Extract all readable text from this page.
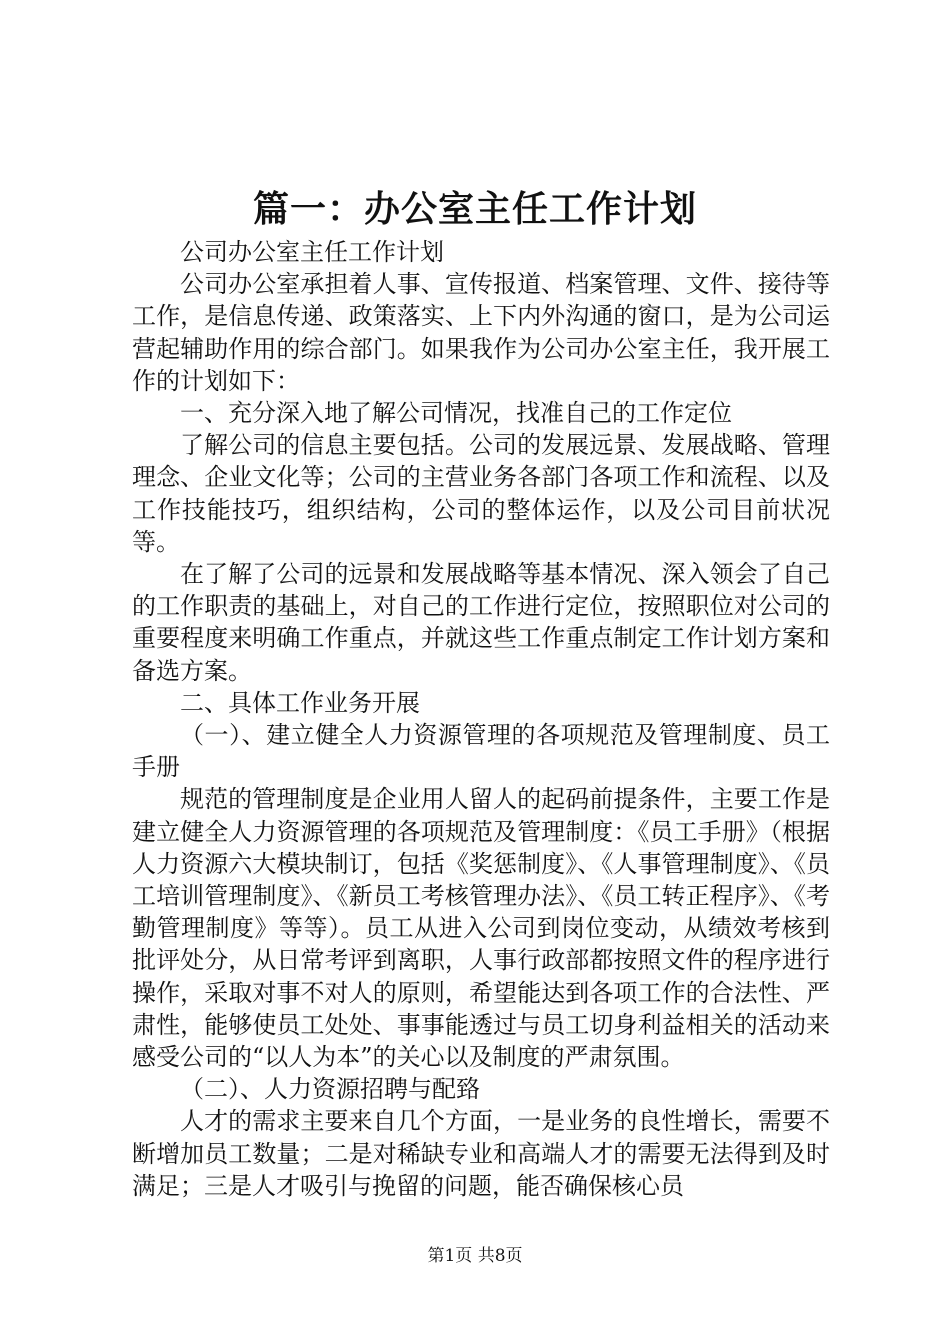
篇一：办公室主任工作计划

公司办公室主任工作计划

公司办公室承担着人事、宣传报道、档案管理、文件、接待等工作，是信息传递、政策落实、上下内外沟通的窗口，是为公司运营起辅助作用的综合部门。如果我作为公司办公室主任，我开展工作的计划如下：

一、充分深入地了解公司情况，找准自己的工作定位

了解公司的信息主要包括。公司的发展远景、发展战略、管理理念、企业文化等；公司的主营业务各部门各项工作和流程、以及工作技能技巧，组织结构，公司的整体运作，以及公司目前状况等。

在了解了公司的远景和发展战略等基本情况、深入领会了自己的工作职责的基础上，对自己的工作进行定位，按照职位对公司的重要程度来明确工作重点，并就这些工作重点制定工作计划方案和备选方案。

二、具体工作业务开展

（一）、建立健全人力资源管理的各项规范及管理制度、员工手册

规范的管理制度是企业用人留人的起码前提条件，主要工作是建立健全人力资源管理的各项规范及管理制度：《员工手册》（根据人力资源六大模块制订，包括《奖惩制度》、《人事管理制度》、《员工培训管理制度》、《新员工考核管理办法》、《员工转正程序》、《考勤管理制度》等等）。员工从进入公司到岗位变动，从绩效考核到批评处分，从日常考评到离职，人事行政部都按照文件的程序进行操作，采取对事不对人的原则，希望能达到各项工作的合法性、严肃性，能够使员工处处、事事能透过与员工切身利益相关的活动来感受公司的“以人为本”的关心以及制度的严肃氛围。

（二）、人力资源招聘与配臵

人才的需求主要来自几个方面，一是业务的良性增长，需要不断增加员工数量；二是对稀缺专业和高端人才的需要无法得到及时满足；三是人才吸引与挽留的问题，能否确保核心员

第1页 共8页
